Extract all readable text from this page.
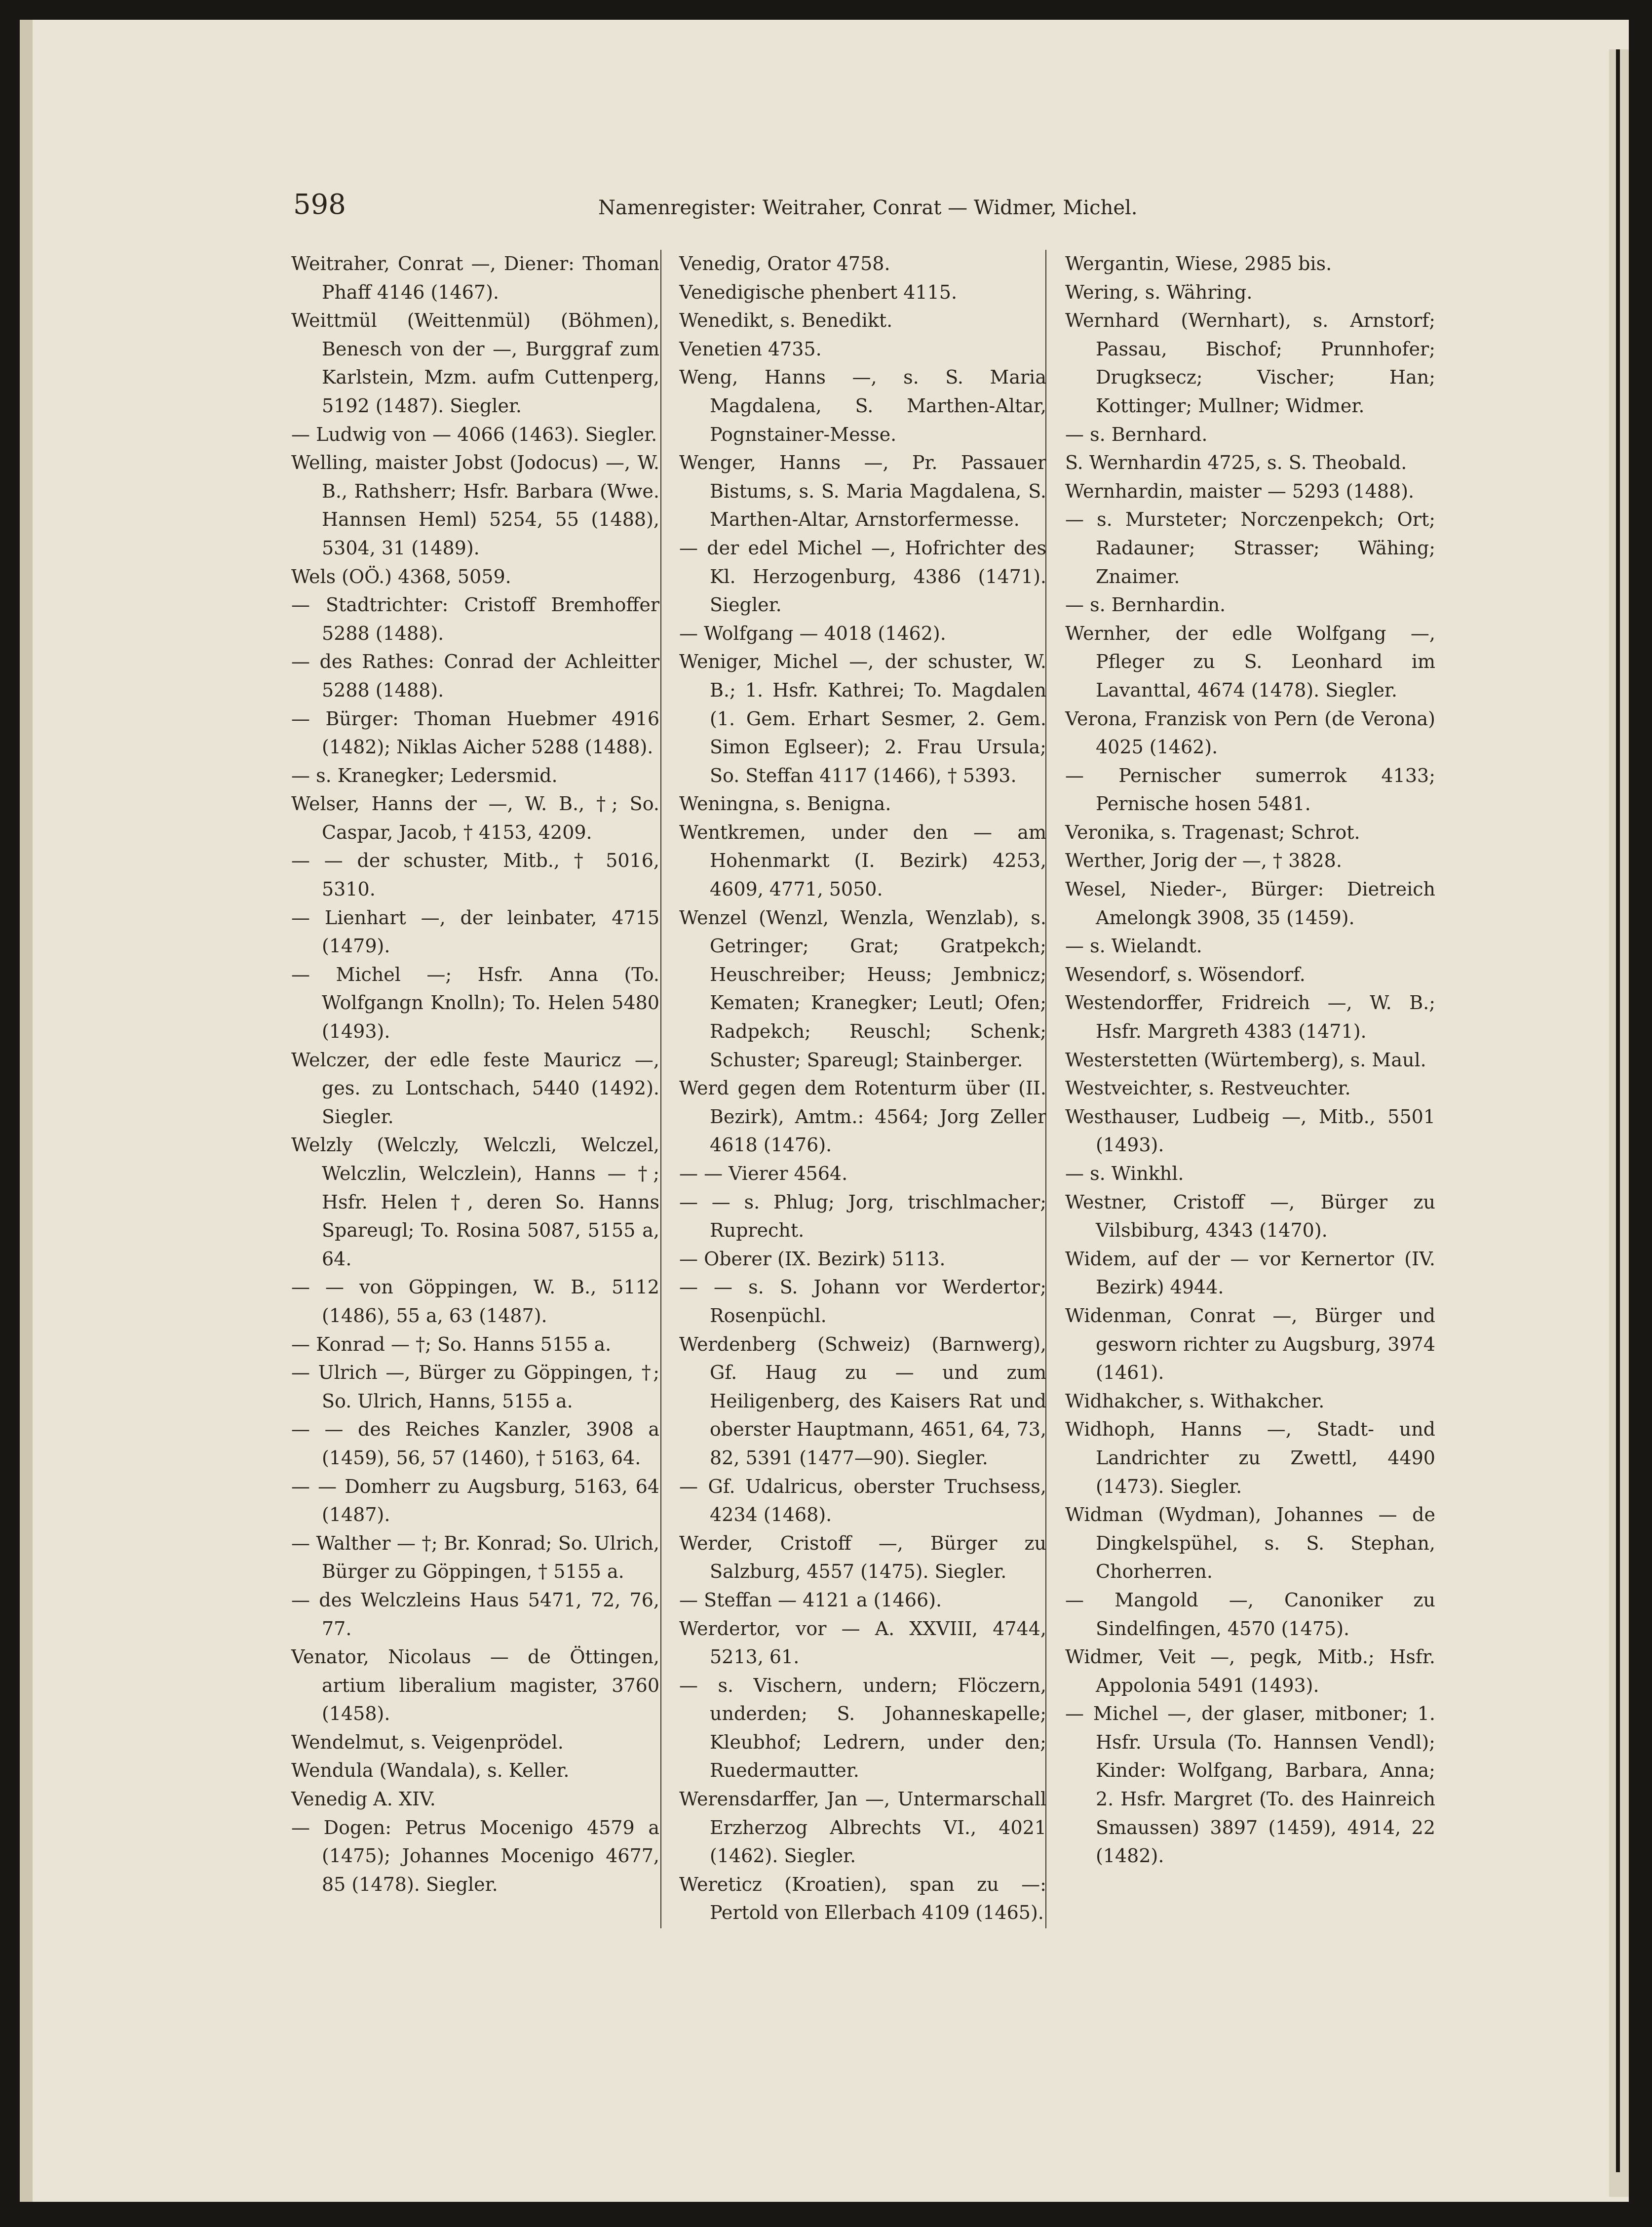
598	Namenregister: Weitraher, Conrat — Widmer, Michel.
Weitraher, Conrat —, Diener: Thoman Phaff 4146 (1467).
Weittmül (Weittenmül) (Böhmen), Benesch von der —, Burggraf zum Karlstein, Mzm. aufm Cuttenperg, 5192 (1487). Siegler.
— Ludwig von — 4066 (1463). Siegler.
Welling, maister Jobst (Jodocus) —, W. B., Rathsherr; Hsfr. Barbara (Wwe. Hannsen Heml) 5254, 55 (1488), 5304, 31 (1489).
Wels (OÖ.) 4368, 5059.
— Stadtrichter: Cristoff Bremhoffer 5288 (1488).
— des Rathes: Conrad der Achleitter 5288 (1488).
— Bürger: Thoman Huebmer 4916 (1482); Niklas Aicher 5288 (1488).
— s. Kranegker; Ledersmid.
Welser, Hanns der —, W. B., †; So. Caspar, Jacob, † 4153, 4209.
— — der schuster, Mitb., † 5016, 5310.
— Lienhart —, der leinbater, 4715 (1479).
— Michel —; Hsfr. Anna (To. Wolfgangn Knolln); To. Helen 5480 (1493).
Welczer, der edle feste Mauricz —, ges. zu Lontschach, 5440 (1492). Siegler.
Welzly (Welczly, Welczli, Welczel, Welczlin, Welczlein), Hanns — †; Hsfr. Helen †, deren So. Hanns Spareugl; To. Rosina 5087, 5155 a, 64.
— — von Göppingen, W. B., 5112 (1486), 55 a, 63 (1487).
— Konrad — †; So. Hanns 5155 a.
— Ulrich —, Bürger zu Göppingen, †; So. Ulrich, Hanns, 5155 a.
— — des Reiches Kanzler, 3908 a (1459), 56, 57 (1460), † 5163, 64.
— — Domherr zu Augsburg, 5163, 64 (1487).
— Walther — †; Br. Konrad; So. Ulrich, Bürger zu Göppingen, † 5155 a.
— des Welczleins Haus 5471, 72, 76, 77.
Venator, Nicolaus — de Öttingen, artium liberalium magister, 3760 (1458).
Wendelmut, s. Veigenprödel.
Wendula (Wandala), s. Keller.
Venedig A. XIV.
— Dogen: Petrus Mocenigo 4579 a (1475); Johannes Mocenigo 4677, 85 (1478). Siegler.
Venedig, Orator 4758.
Venedigische phenbert 4115.
Wenedikt, s. Benedikt.
Venetien 4735.
Weng, Hanns —, s. S. Maria Magdalena, S. Marthen-Altar, Pognstainer-Messe.
Wenger, Hanns —, Pr. Passauer Bistums, s. S. Maria Magdalena, S. Marthen-Altar, Arnstorfermesse.
— der edel Michel —, Hofrichter des Kl. Herzogenburg, 4386 (1471). Siegler.
— Wolfgang — 4018 (1462).
Weniger, Michel —, der schuster, W. B.; 1. Hsfr. Kathrei; To. Magdalen (1. Gem. Erhart Sesmer, 2. Gem. Simon Eglseer); 2. Frau Ursula; So. Steffan 4117 (1466), † 5393.
Weningna, s. Benigna.
Wentkremen, under den — am Hohenmarkt (I. Bezirk) 4253, 4609, 4771, 5050.
Wenzel (Wenzl, Wenzla, Wenzlab), s. Getringer; Grat; Gratpekch; Heuschreiber; Heuss; Jembnicz; Kematen; Kranegker; Leutl; Ofen; Radpekch; Reuschl; Schenk; Schuster; Spareugl; Stainberger.
Werd gegen dem Rotenturm über (II. Bezirk), Amtm.: 4564; Jorg Zeller 4618 (1476).
— — Vierer 4564.
— — s. Phlug; Jorg, trischlmacher; Ruprecht.
— Oberer (IX. Bezirk) 5113.
— — s. S. Johann vor Werdertor; Rosenpüchl.
Werdenberg (Schweiz) (Barnwerg), Gf. Haug zu — und zum Heiligenberg, des Kaisers Rat und oberster Hauptmann, 4651, 64, 73, 82, 5391 (1477—90). Siegler.
— Gf. Udalricus, oberster Truchsess, 4234 (1468).
Werder, Cristoff —, Bürger zu Salzburg, 4557 (1475). Siegler.
— Steffan — 4121 a (1466).
Werdertor, vor — A. XXVIII, 4744, 5213, 61.
— s. Vischern, undern; Flöczern, underden; S. Johanneskapelle; Kleubhof; Ledrern, under den; Ruedermautter.
Werensdarffer, Jan —, Untermarschall Erzherzog Albrechts VI., 4021 (1462). Siegler.
Wereticz (Kroatien), span zu —: Pertold von Ellerbach 4109 (1465).
Wergantin, Wiese, 2985 bis.
Wering, s. Währing.
Wernhard (Wernhart), s. Arnstorf; Passau, Bischof; Prunnhofer; Drugksecz; Vischer; Han; Kottinger; Mullner; Widmer.
— s. Bernhard.
S. Wernhardin 4725, s. S. Theobald.
Wernhardin, maister — 5293 (1488).
— s. Mursteter; Norczenpekch; Ort; Radauner; Strasser; Wähing; Znaimer.
— s. Bernhardin.
Wernher, der edle Wolfgang —, Pfleger zu S. Leonhard im Lavanttal, 4674 (1478). Siegler.
Verona, Franzisk von Pern (de Verona) 4025 (1462).
— Pernischer sumerrok 4133; Pernische hosen 5481.
Veronika, s. Tragenast; Schrot.
Werther, Jorig der —, † 3828.
Wesel, Nieder-, Bürger: Dietreich Amelongk 3908, 35 (1459).
— s. Wielandt.
Wesendorf, s. Wösendorf.
Westendorffer, Fridreich —, W. B.; Hsfr. Margreth 4383 (1471).
Westerstetten (Würtemberg), s. Maul.
Westveichter, s. Restveuchter.
Westhauser, Ludbeig —, Mitb., 5501 (1493).
— s. Winkhl.
Westner, Cristoff —, Bürger zu Vilsbiburg, 4343 (1470).
Widem, auf der — vor Kernertor (IV. Bezirk) 4944.
Widenman, Conrat —, Bürger und gesworn richter zu Augsburg, 3974 (1461).
Widhakcher, s. Withakcher.
Widhoph, Hanns —, Stadt- und Landrichter zu Zwettl, 4490 (1473). Siegler.
Widman (Wydman), Johannes — de Dingkelspühel, s. S. Stephan, Chorherren.
— Mangold —, Canoniker zu Sindelfingen, 4570 (1475).
Widmer, Veit —, pegk, Mitb.; Hsfr. Appolonia 5491 (1493).
— Michel —, der glaser, mitboner; 1. Hsfr. Ursula (To. Hannsen Vendl); Kinder: Wolfgang, Barbara, Anna; 2. Hsfr. Margret (To. des Hainreich Smaussen) 3897 (1459), 4914, 22 (1482).
